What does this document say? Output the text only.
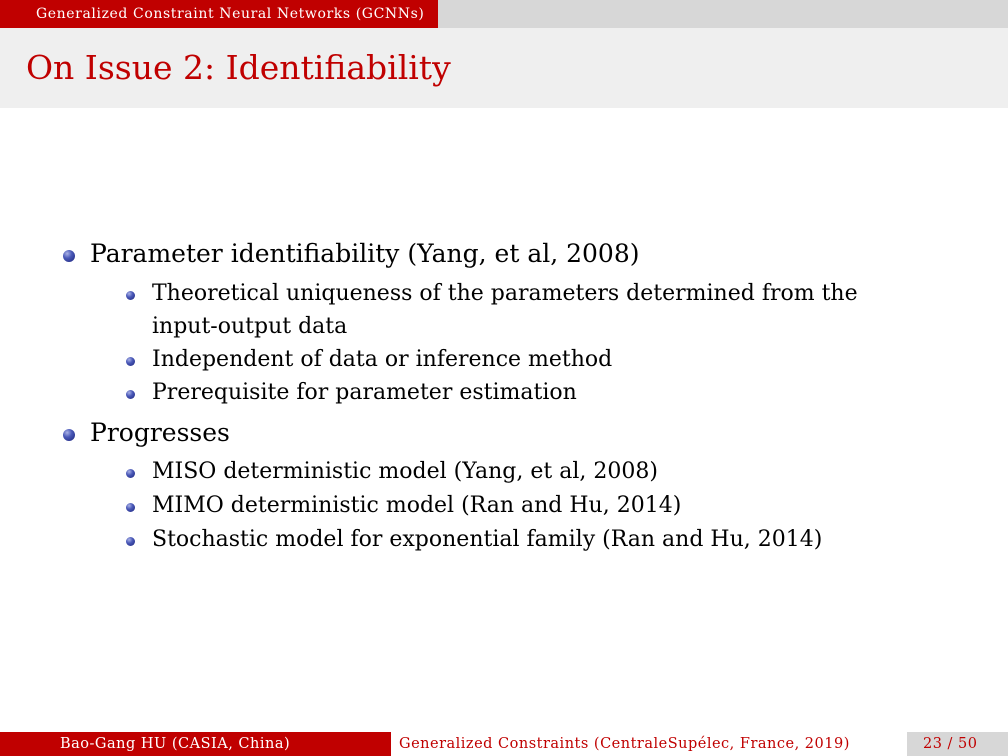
Generalized Constraint Neural Networks (GCNNs)
On Issue 2: Identifiability
Parameter identifiability (Yang, et al, 2008)
Theoretical uniqueness of the parameters determined from the
input-output data
Independent of data or inference method
Prerequisite for parameter estimation
Progresses
MISO deterministic model (Yang, et al, 2008)
MIMO deterministic model (Ran and Hu, 2014)
Stochastic model for exponential family (Ran and Hu, 2014)
Bao-Gang HU (CASIA, China)	Generalized Constraints (CentraleSupélec, France, 2019)	23 / 50
